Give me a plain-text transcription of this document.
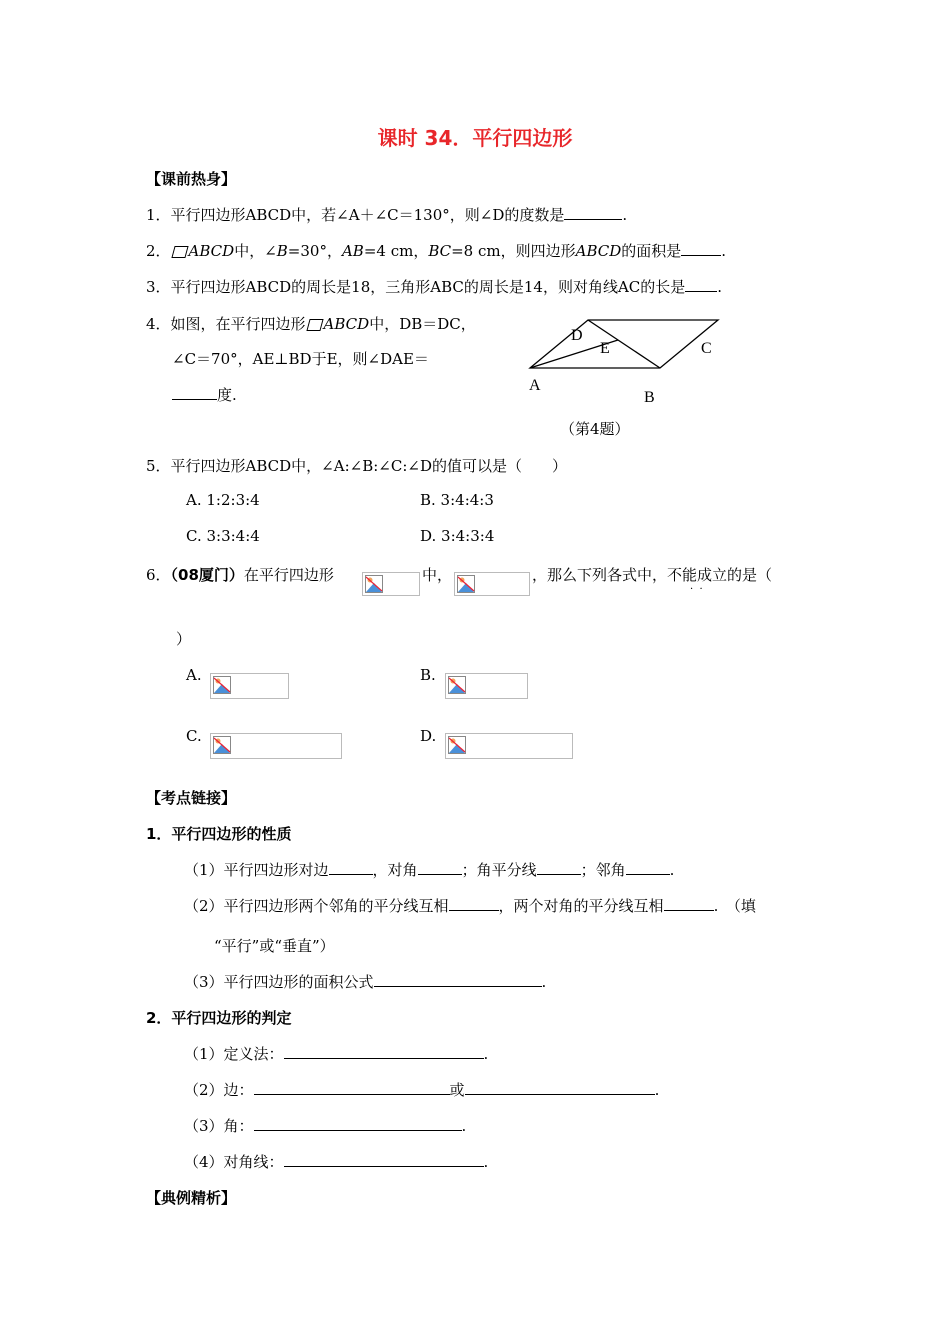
课时 34．平行四边形
【课前热身】
1．平行四边形ABCD中，若∠A＋∠C＝130°，则∠D的度数是	.
2． ABCD中，∠B=30°，AB=4 cm，BC=8 cm，则四边形ABCD的面积是	.
3．平行四边形ABCD的周长是18，三角形ABC的周长是14，则对角线AC的长是 .
4．如图，在平行四边形 ABCD中，DB＝DC，
∠C＝70°，AE⊥BD于E，则∠DAE＝
度.
D
E	C
A
B
（第4题）
5．平行四边形ABCD中，∠A:∠B:∠C:∠D的值可以是（　　）
A. 1:2:3:4	B. 3:4:4:3
C. 3:3:4:4	D. 3:4:3:4
6．（08厦门）在平行四边形	中，	，那么下列各式中，不能成立的是（
·  ·
）
A.	B.
C.	D.
【考点链接】
1．平行四边形的性质
（1）平行四边形对边	，对角	；角平分线	；邻角	.
（2）平行四边形两个邻角的平分线互相	，两个对角的平分线互相	.　（填
“平行”或“垂直”）
（3）平行四边形的面积公式	.
2．平行四边形的判定
（1）定义法：	.
（2）边：	或	.
（3）角：	.
（4）对角线：	.
【典例精析】
